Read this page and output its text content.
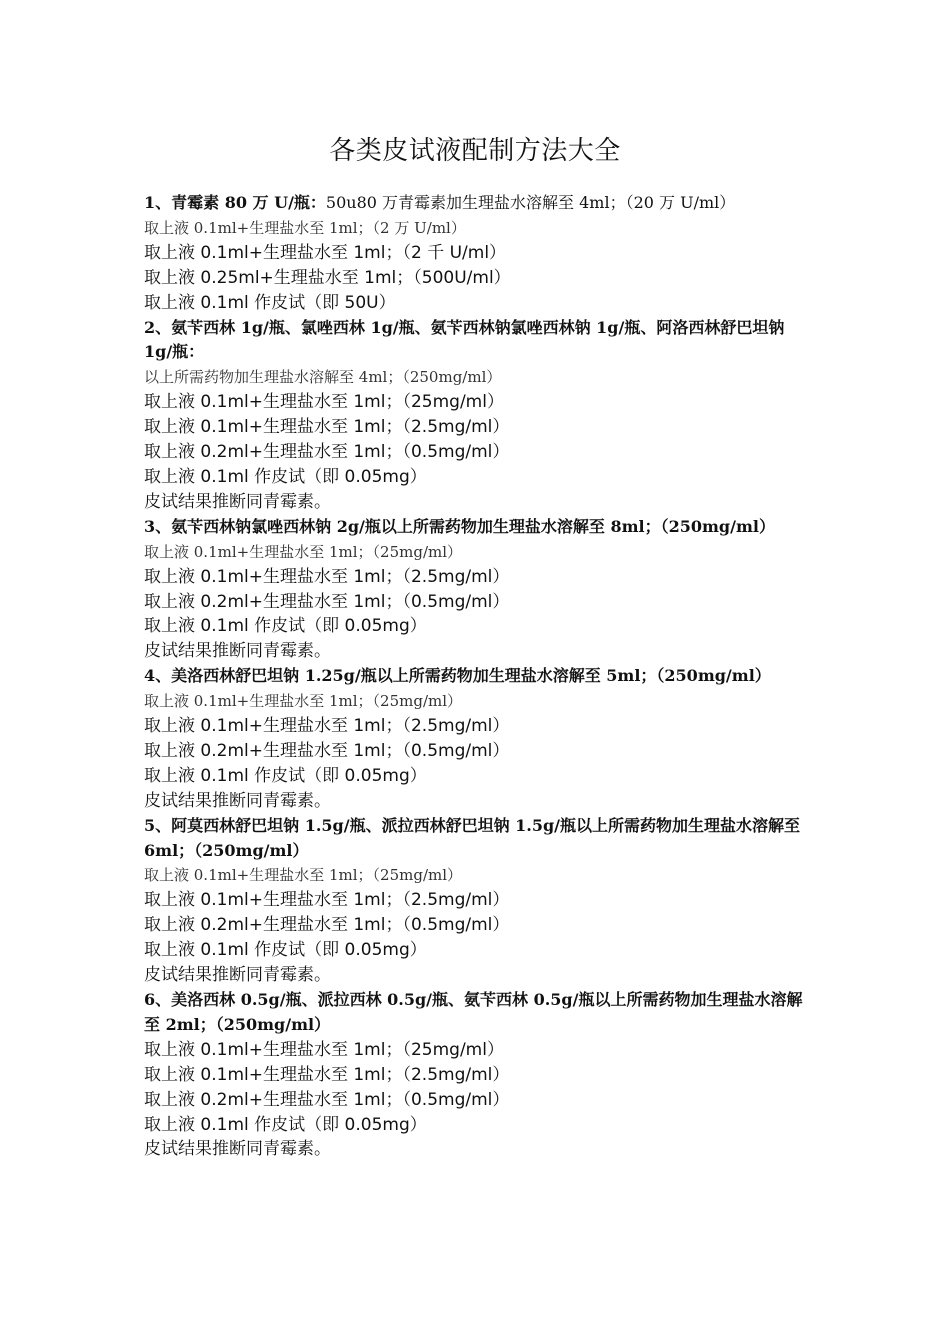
各类皮试液配制方法大全
1、青霉素 80 万 U/瓶：50u80 万青霉素加生理盐水溶解至 4ml；（20 万 U/ml）
取上液 0.1ml+生理盐水至 1ml；（2 万 U/ml）
取上液 0.1ml+生理盐水至 1ml；（2 千 U/ml）
取上液 0.25ml+生理盐水至 1ml；（500U/ml）
取上液 0.1ml 作皮试（即 50U）
2、氨苄西林 1g/瓶、氯唑西林 1g/瓶、氨苄西林钠氯唑西林钠 1g/瓶、阿洛西林舒巴坦钠 1g/瓶：
以上所需药物加生理盐水溶解至 4ml；（250mg/ml）
取上液 0.1ml+生理盐水至 1ml；（25mg/ml）
取上液 0.1ml+生理盐水至 1ml；（2.5mg/ml）
取上液 0.2ml+生理盐水至 1ml；（0.5mg/ml）
取上液 0.1ml 作皮试（即 0.05mg）
皮试结果推断同青霉素。
3、氨苄西林钠氯唑西林钠 2g/瓶以上所需药物加生理盐水溶解至 8ml；（250mg/ml）
取上液 0.1ml+生理盐水至 1ml；（25mg/ml）
取上液 0.1ml+生理盐水至 1ml；（2.5mg/ml）
取上液 0.2ml+生理盐水至 1ml；（0.5mg/ml）
取上液 0.1ml 作皮试（即 0.05mg）
皮试结果推断同青霉素。
4、美洛西林舒巴坦钠 1.25g/瓶以上所需药物加生理盐水溶解至 5ml；（250mg/ml）
取上液 0.1ml+生理盐水至 1ml；（25mg/ml）
取上液 0.1ml+生理盐水至 1ml；（2.5mg/ml）
取上液 0.2ml+生理盐水至 1ml；（0.5mg/ml）
取上液 0.1ml 作皮试（即 0.05mg）
皮试结果推断同青霉素。
5、阿莫西林舒巴坦钠 1.5g/瓶、派拉西林舒巴坦钠 1.5g/瓶以上所需药物加生理盐水溶解至 6ml；（250mg/ml）
取上液 0.1ml+生理盐水至 1ml；（25mg/ml）
取上液 0.1ml+生理盐水至 1ml；（2.5mg/ml）
取上液 0.2ml+生理盐水至 1ml；（0.5mg/ml）
取上液 0.1ml 作皮试（即 0.05mg）
皮试结果推断同青霉素。
6、美洛西林 0.5g/瓶、派拉西林 0.5g/瓶、氨苄西林 0.5g/瓶以上所需药物加生理盐水溶解至 2ml；（250mg/ml）
取上液 0.1ml+生理盐水至 1ml；（25mg/ml）
取上液 0.1ml+生理盐水至 1ml；（2.5mg/ml）
取上液 0.2ml+生理盐水至 1ml；（0.5mg/ml）
取上液 0.1ml 作皮试（即 0.05mg）
皮试结果推断同青霉素。
